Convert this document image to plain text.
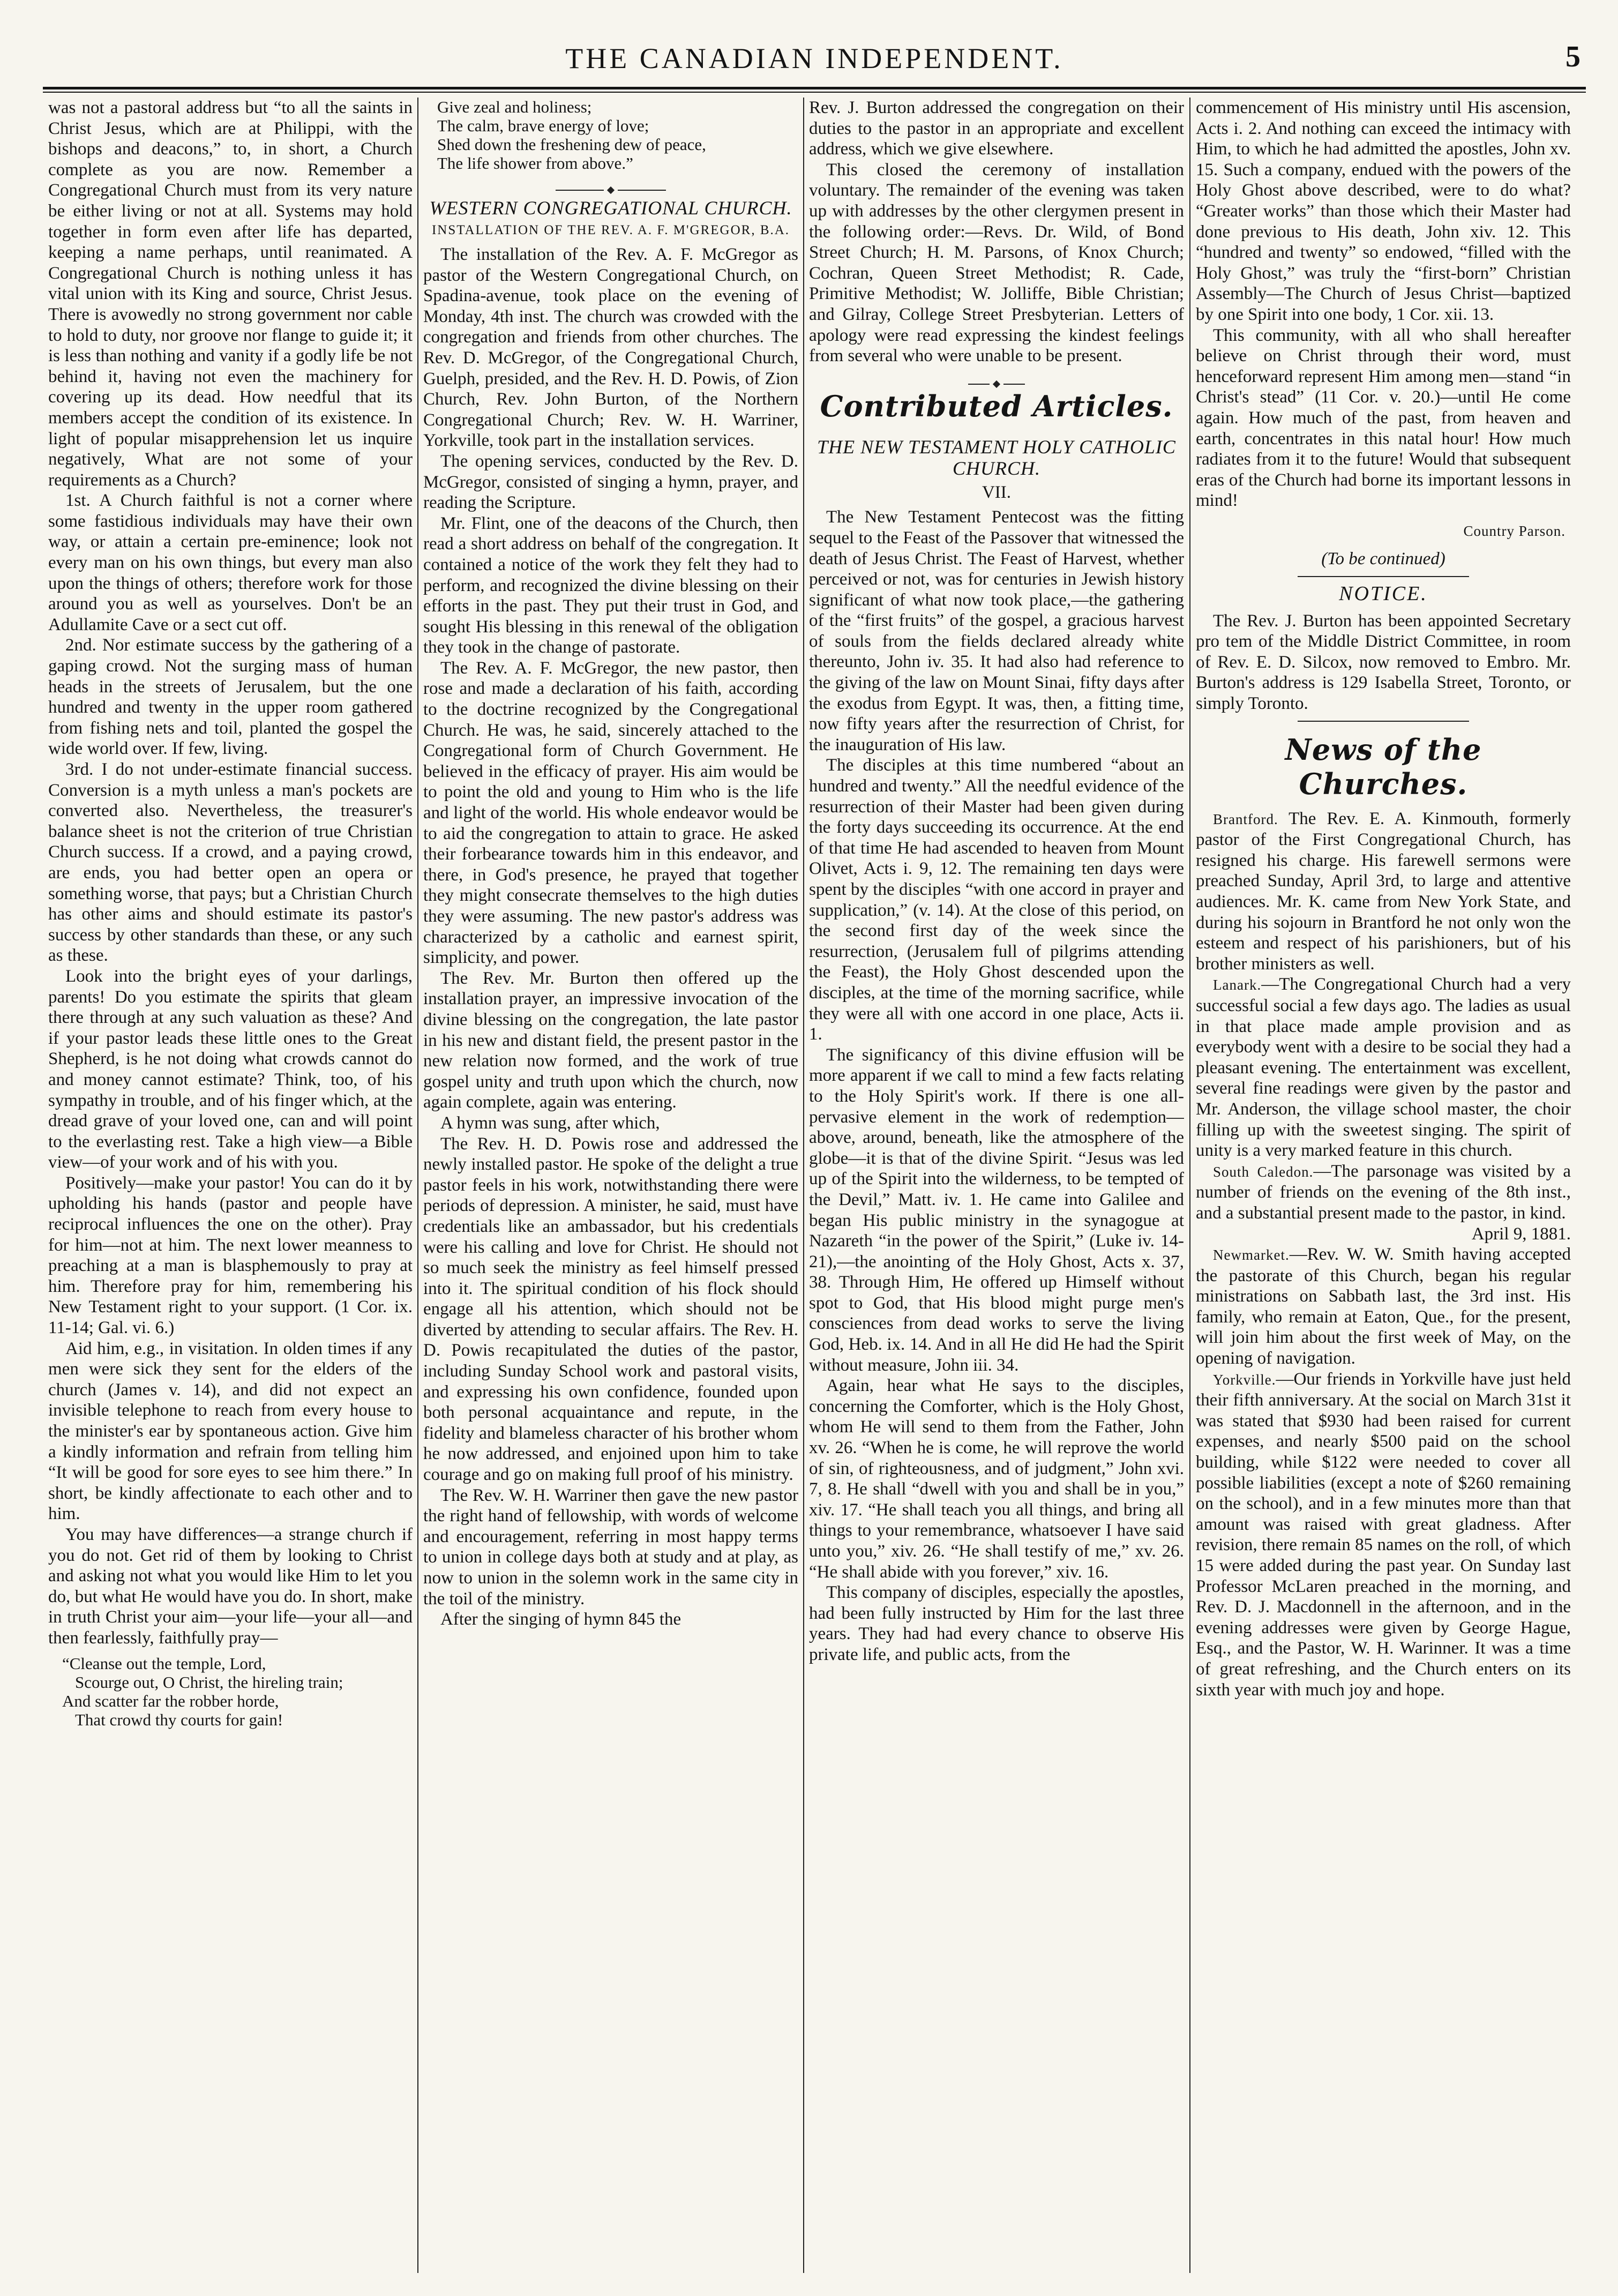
THE CANADIAN INDEPENDENT.	5

was not a pastoral address but “to all the saints in Christ Jesus, which are at Philippi, with the bishops and deacons,” to, in short, a Church complete as you are now. Remember a Congregational Church must from its very nature be either living or not at all. Systems may hold together in form even after life has departed, keeping a name perhaps, until reanimated. A Congregational Church is nothing unless it has vital union with its King and source, Christ Jesus. There is avowedly no strong government nor cable to hold to duty, nor groove nor flange to guide it; it is less than nothing and vanity if a godly life be not behind it, having not even the machinery for covering up its dead. How needful that its members accept the condition of its existence. In light of popular misapprehension let us inquire negatively, What are not some of your requirements as a Church?

1st. A Church faithful is not a corner where some fastidious individuals may have their own way, or attain a certain pre-eminence; look not every man on his own things, but every man also upon the things of others; therefore work for those around you as well as yourselves. Don't be an Adullamite Cave or a sect cut off.

2nd. Nor estimate success by the gathering of a gaping crowd. Not the surging mass of human heads in the streets of Jerusalem, but the one hundred and twenty in the upper room gathered from fishing nets and toil, planted the gospel the wide world over. If few, living.

3rd. I do not under-estimate financial success. Conversion is a myth unless a man's pockets are converted also. Nevertheless, the treasurer's balance sheet is not the criterion of true Christian Church success. If a crowd, and a paying crowd, are ends, you had better open an opera or something worse, that pays; but a Christian Church has other aims and should estimate its pastor's success by other standards than these, or any such as these.

Look into the bright eyes of your darlings, parents! Do you estimate the spirits that gleam there through at any such valuation as these? And if your pastor leads these little ones to the Great Shepherd, is he not doing what crowds cannot do and money cannot estimate? Think, too, of his sympathy in trouble, and of his finger which, at the dread grave of your loved one, can and will point to the everlasting rest. Take a high view—a Bible view—of your work and of his with you.

Positively—make your pastor! You can do it by upholding his hands (pastor and people have reciprocal influences the one on the other). Pray for him—not at him. The next lower meanness to preaching at a man is blasphemously to pray at him. Therefore pray for him, remembering his New Testament right to your support. (1 Cor. ix. 11-14; Gal. vi. 6.)

Aid him, e.g., in visitation. In olden times if any men were sick they sent for the elders of the church (James v. 14), and did not expect an invisible telephone to reach from every house to the minister's ear by spontaneous action. Give him a kindly information and refrain from telling him “It will be good for sore eyes to see him there.” In short, be kindly affectionate to each other and to him.

You may have differences—a strange church if you do not. Get rid of them by looking to Christ and asking not what you would like Him to let you do, but what He would have you do. In short, make in truth Christ your aim—your life—your all—and then fearlessly, faithfully pray—

“Cleanse out the temple, Lord,
Scourge out, O Christ, the hireling train;
And scatter far the robber horde,
That crowd thy courts for gain!
Give zeal and holiness;
The calm, brave energy of love;
Shed down the freshening dew of peace,
The life shower from above.”
WESTERN CONGREGATIONAL CHURCH.
INSTALLATION OF THE REV. A. F. M'GREGOR, B.A.

The installation of the Rev. A. F. McGregor as pastor of the Western Congregational Church, on Spadina-avenue, took place on the evening of Monday, 4th inst. The church was crowded with the congregation and friends from other churches. The Rev. D. McGregor, of the Congregational Church, Guelph, presided, and the Rev. H. D. Powis, of Zion Church, Rev. John Burton, of the Northern Congregational Church; Rev. W. H. Warriner, Yorkville, took part in the installation services.

The opening services, conducted by the Rev. D. McGregor, consisted of singing a hymn, prayer, and reading the Scripture.

Mr. Flint, one of the deacons of the Church, then read a short address on behalf of the congregation. It contained a notice of the work they felt they had to perform, and recognized the divine blessing on their efforts in the past. They put their trust in God, and sought His blessing in this renewal of the obligation they took in the change of pastorate.

The Rev. A. F. McGregor, the new pastor, then rose and made a declaration of his faith, according to the doctrine recognized by the Congregational Church. He was, he said, sincerely attached to the Congregational form of Church Government. He believed in the efficacy of prayer. His aim would be to point the old and young to Him who is the life and light of the world. His whole endeavor would be to aid the congregation to attain to grace. He asked their forbearance towards him in this endeavor, and there, in God's presence, he prayed that together they might consecrate themselves to the high duties they were assuming. The new pastor's address was characterized by a catholic and earnest spirit, simplicity, and power.

The Rev. Mr. Burton then offered up the installation prayer, an impressive invocation of the divine blessing on the congregation, the late pastor in his new and distant field, the present pastor in the new relation now formed, and the work of true gospel unity and truth upon which the church, now again complete, again was entering.

A hymn was sung, after which,

The Rev. H. D. Powis rose and addressed the newly installed pastor. He spoke of the delight a true pastor feels in his work, notwithstanding there were periods of depression. A minister, he said, must have credentials like an ambassador, but his credentials were his calling and love for Christ. He should not so much seek the ministry as feel himself pressed into it. The spiritual condition of his flock should engage all his attention, which should not be diverted by attending to secular affairs. The Rev. H. D. Powis recapitulated the duties of the pastor, including Sunday School work and pastoral visits, and expressing his own confidence, founded upon both personal acquaintance and repute, in the fidelity and blameless character of his brother whom he now addressed, and enjoined upon him to take courage and go on making full proof of his ministry.

The Rev. W. H. Warriner then gave the new pastor the right hand of fellowship, with words of welcome and encouragement, referring in most happy terms to union in college days both at study and at play, as now to union in the solemn work in the same city in the toil of the ministry.

After the singing of hymn 845 the

Rev. J. Burton addressed the congregation on their duties to the pastor in an appropriate and excellent address, which we give elsewhere.

This closed the ceremony of installation voluntary. The remainder of the evening was taken up with addresses by the other clergymen present in the following order:—Revs. Dr. Wild, of Bond Street Church; H. M. Parsons, of Knox Church; Cochran, Queen Street Methodist; R. Cade, Primitive Methodist; W. Jolliffe, Bible Christian; and Gilray, College Street Presbyterian. Letters of apology were read expressing the kindest feelings from several who were unable to be present.

Contributed Articles.
THE NEW TESTAMENT HOLY CATHOLIC CHURCH.
VII.

The New Testament Pentecost was the fitting sequel to the Feast of the Passover that witnessed the death of Jesus Christ. The Feast of Harvest, whether perceived or not, was for centuries in Jewish history significant of what now took place,—the gathering of the “first fruits” of the gospel, a gracious harvest of souls from the fields declared already white thereunto, John iv. 35. It had also had reference to the giving of the law on Mount Sinai, fifty days after the exodus from Egypt. It was, then, a fitting time, now fifty years after the resurrection of Christ, for the inauguration of His law.

The disciples at this time numbered “about an hundred and twenty.” All the needful evidence of the resurrection of their Master had been given during the forty days succeeding its occurrence. At the end of that time He had ascended to heaven from Mount Olivet, Acts i. 9, 12. The remaining ten days were spent by the disciples “with one accord in prayer and supplication,” (v. 14). At the close of this period, on the second first day of the week since the resurrection, (Jerusalem full of pilgrims attending the Feast), the Holy Ghost descended upon the disciples, at the time of the morning sacrifice, while they were all with one accord in one place, Acts ii. 1.

The significancy of this divine effusion will be more apparent if we call to mind a few facts relating to the Holy Spirit's work. If there is one all-pervasive element in the work of redemption—above, around, beneath, like the atmosphere of the globe—it is that of the divine Spirit. “Jesus was led up of the Spirit into the wilderness, to be tempted of the Devil,” Matt. iv. 1. He came into Galilee and began His public ministry in the synagogue at Nazareth “in the power of the Spirit,” (Luke iv. 14-21),—the anointing of the Holy Ghost, Acts x. 37, 38. Through Him, He offered up Himself without spot to God, that His blood might purge men's consciences from dead works to serve the living God, Heb. ix. 14. And in all He did He had the Spirit without measure, John iii. 34.

Again, hear what He says to the disciples, concerning the Comforter, which is the Holy Ghost, whom He will send to them from the Father, John xv. 26. “When he is come, he will reprove the world of sin, of righteousness, and of judgment,” John xvi. 7, 8. He shall “dwell with you and shall be in you,” xiv. 17. “He shall teach you all things, and bring all things to your remembrance, whatsoever I have said unto you,” xiv. 26. “He shall testify of me,” xv. 26. “He shall abide with you forever,” xiv. 16.

This company of disciples, especially the apostles, had been fully instructed by Him for the last three years. They had had every chance to observe His private life, and public acts, from the

commencement of His ministry until His ascension, Acts i. 2. And nothing can exceed the intimacy with Him, to which he had admitted the apostles, John xv. 15. Such a company, endued with the powers of the Holy Ghost above described, were to do what? “Greater works” than those which their Master had done previous to His death, John xiv. 12. This “hundred and twenty” so endowed, “filled with the Holy Ghost,” was truly the “first-born” Christian Assembly—The Church of Jesus Christ—baptized by one Spirit into one body, 1 Cor. xii. 13.

This community, with all who shall hereafter believe on Christ through their word, must henceforward represent Him among men—stand “in Christ's stead” (11 Cor. v. 20.)—until He come again. How much of the past, from heaven and earth, concentrates in this natal hour! How much radiates from it to the future! Would that subsequent eras of the Church had borne its important lessons in mind!

Country Parson.
(To be continued)
NOTICE.

The Rev. J. Burton has been appointed Secretary pro tem of the Middle District Committee, in room of Rev. E. D. Silcox, now removed to Embro. Mr. Burton's address is 129 Isabella Street, Toronto, or simply Toronto.

News of the Churches.

Brantford. The Rev. E. A. Kinmouth, formerly pastor of the First Congregational Church, has resigned his charge. His farewell sermons were preached Sunday, April 3rd, to large and attentive audiences. Mr. K. came from New York State, and during his sojourn in Brantford he not only won the esteem and respect of his parishioners, but of his brother ministers as well.

Lanark.—The Congregational Church had a very successful social a few days ago. The ladies as usual in that place made ample provision and as everybody went with a desire to be social they had a pleasant evening. The entertainment was excellent, several fine readings were given by the pastor and Mr. Anderson, the village school master, the choir filling up with the sweetest singing. The spirit of unity is a very marked feature in this church.

South Caledon.—The parsonage was visited by a number of friends on the evening of the 8th inst., and a substantial present made to the pastor, in kind.

April 9, 1881.

Newmarket.—Rev. W. W. Smith having accepted the pastorate of this Church, began his regular ministrations on Sabbath last, the 3rd inst. His family, who remain at Eaton, Que., for the present, will join him about the first week of May, on the opening of navigation.

Yorkville.—Our friends in Yorkville have just held their fifth anniversary. At the social on March 31st it was stated that $930 had been raised for current expenses, and nearly $500 paid on the school building, while $122 were needed to cover all possible liabilities (except a note of $260 remaining on the school), and in a few minutes more than that amount was raised with great gladness. After revision, there remain 85 names on the roll, of which 15 were added during the past year. On Sunday last Professor McLaren preached in the morning, and Rev. D. J. Macdonnell in the afternoon, and in the evening addresses were given by George Hague, Esq., and the Pastor, W. H. Warinner. It was a time of great refreshing, and the Church enters on its sixth year with much joy and hope.
